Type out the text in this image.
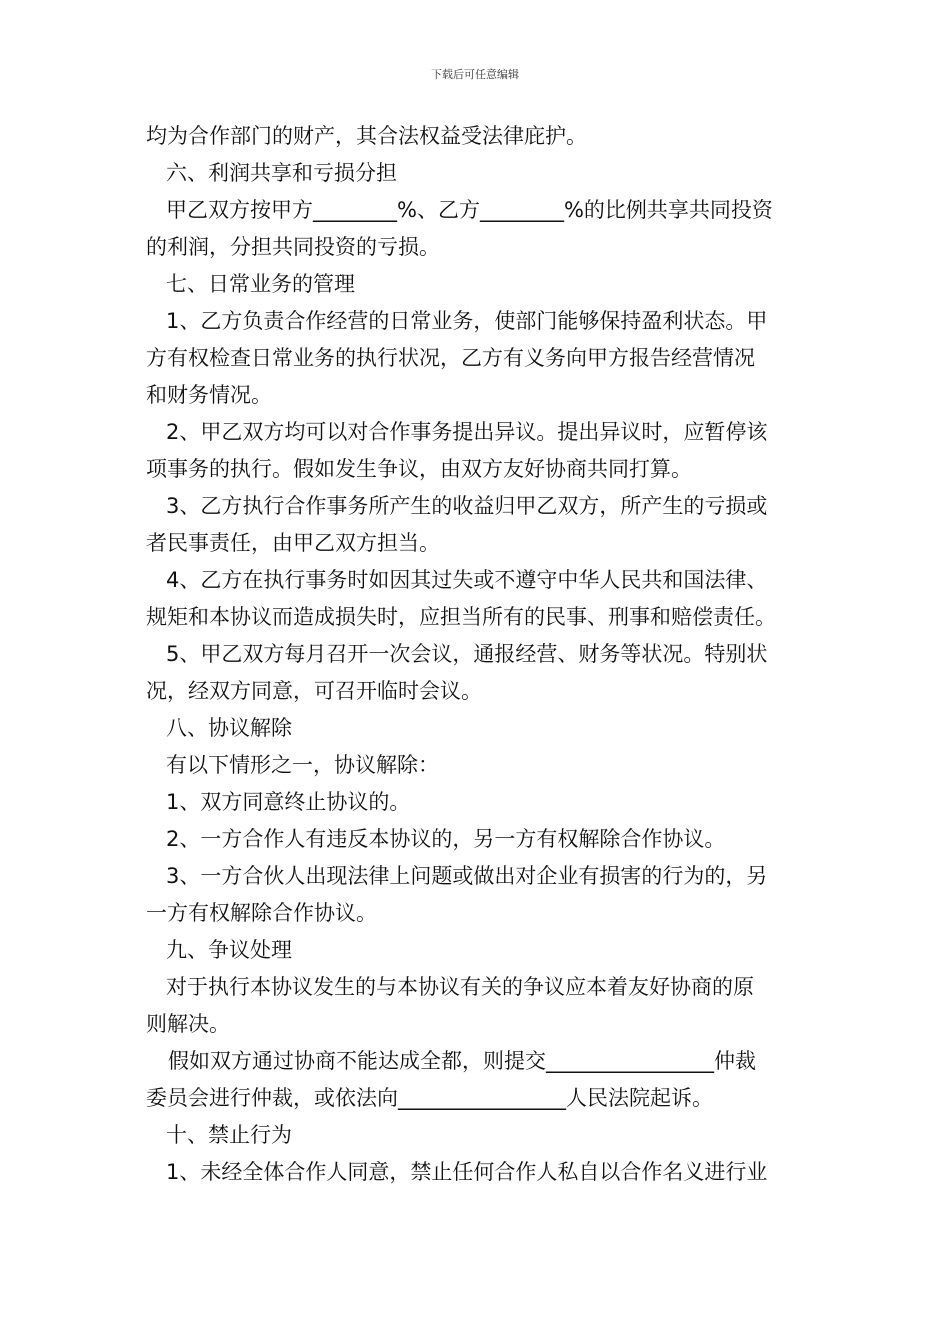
下载后可任意编辑
均为合作部门的财产，其合法权益受法律庇护。
六、利润共享和亏损分担
甲乙双方按甲方________%、乙方________%的比例共享共同投资
的利润，分担共同投资的亏损。
七、日常业务的管理
1、乙方负责合作经营的日常业务，使部门能够保持盈利状态。甲
方有权检查日常业务的执行状况，乙方有义务向甲方报告经营情况
和财务情况。
2、甲乙双方均可以对合作事务提出异议。提出异议时，应暂停该
项事务的执行。假如发生争议，由双方友好协商共同打算。
3、乙方执行合作事务所产生的收益归甲乙双方，所产生的亏损或
者民事责任，由甲乙双方担当。
4、乙方在执行事务时如因其过失或不遵守中华人民共和国法律、
规矩和本协议而造成损失时，应担当所有的民事、刑事和赔偿责任。
5、甲乙双方每月召开一次会议，通报经营、财务等状况。特别状
况，经双方同意，可召开临时会议。
八、协议解除
有以下情形之一，协议解除：
1、双方同意终止协议的。
2、一方合作人有违反本协议的，另一方有权解除合作协议。
3、一方合伙人出现法律上问题或做出对企业有损害的行为的，另
一方有权解除合作协议。
九、争议处理
对于执行本协议发生的与本协议有关的争议应本着友好协商的原
则解决。
假如双方通过协商不能达成全都，则提交________________仲裁
委员会进行仲裁，或依法向________________人民法院起诉。
十、禁止行为
1、未经全体合作人同意，禁止任何合作人私自以合作名义进行业
